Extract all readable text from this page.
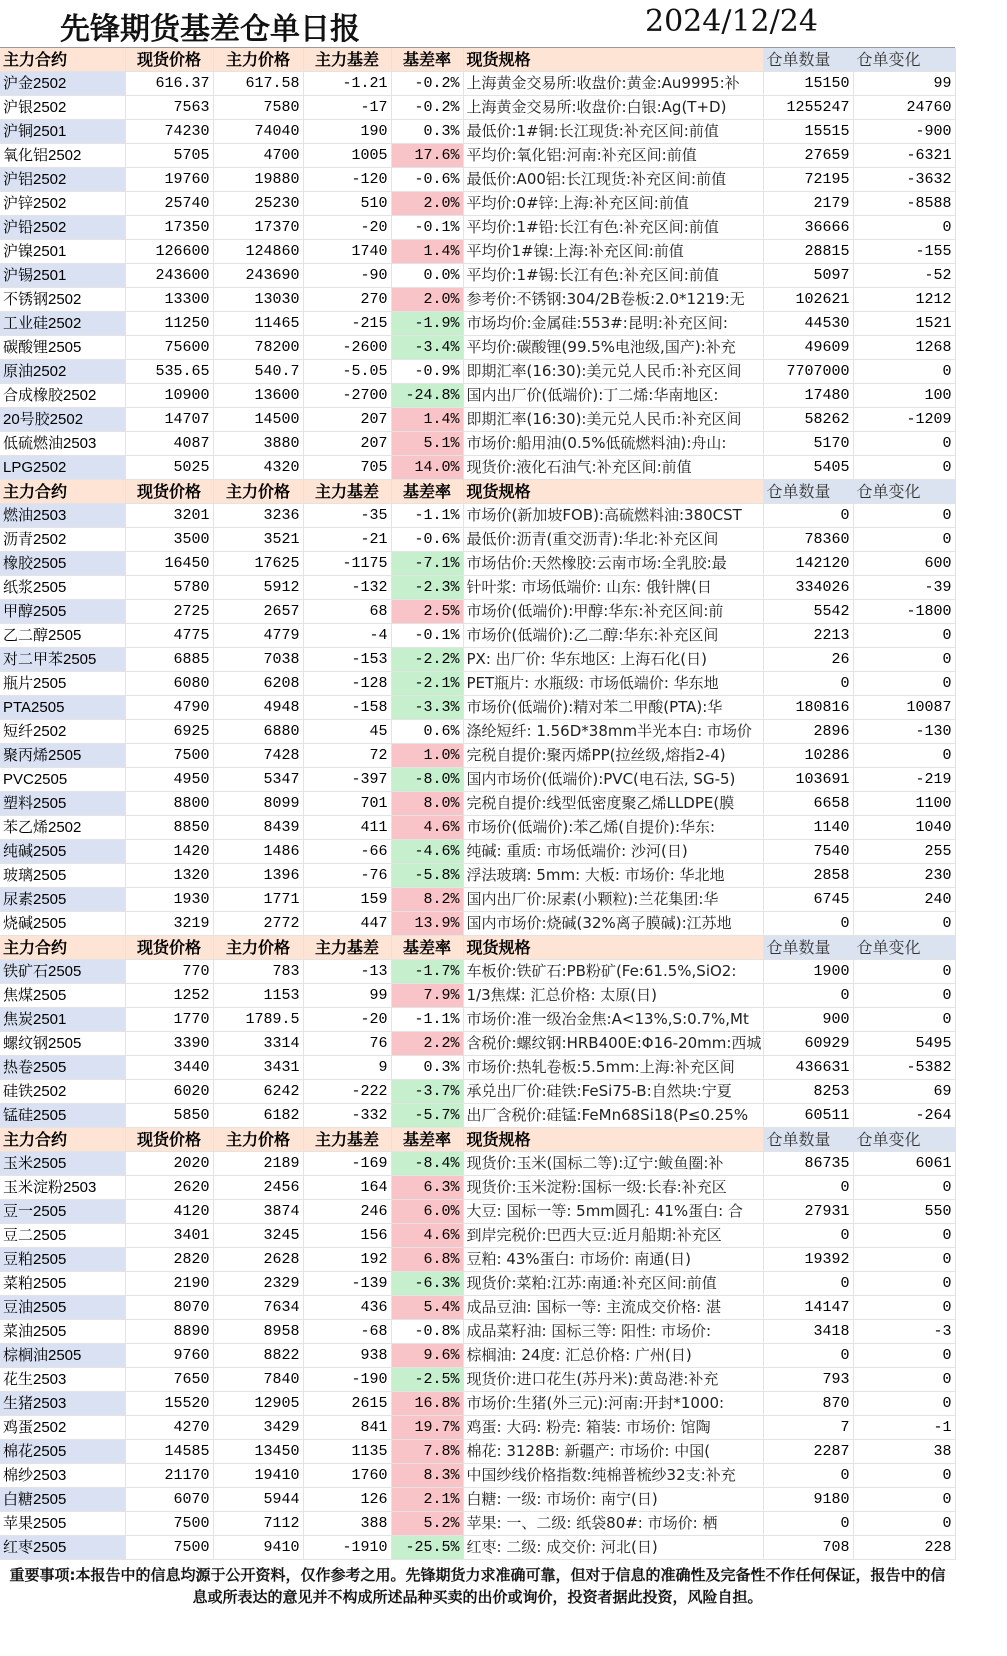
先锋期货基差仓单日报	2024/12/24
主力合约	现货价格	主力价格	主力基差	基差率	现货规格	仓单数量	仓单变化
沪金2502	616.37	617.58	-1.21	-0.2%	上海黄金交易所:收盘价:黄金:Au9995:补	15150	99
沪银2502	7563	7580	-17	-0.2%	上海黄金交易所:收盘价:白银:Ag(T+D)	1255247	24760
沪铜2501	74230	74040	190	0.3%	最低价:1#铜:长江现货:补充区间:前值	15515	-900
氧化铝2502	5705	4700	1005	17.6%	平均价:氧化铝:河南:补充区间:前值	27659	-6321
沪铝2502	19760	19880	-120	-0.6%	最低价:A00铝:长江现货:补充区间:前值	72195	-3632
沪锌2502	25740	25230	510	2.0%	平均价:0#锌:上海:补充区间:前值	2179	-8588
沪铅2502	17350	17370	-20	-0.1%	平均价:1#铅:长江有色:补充区间:前值	36666	0
沪镍2501	126600	124860	1740	1.4%	平均价1#镍:上海:补充区间:前值	28815	-155
沪锡2501	243600	243690	-90	0.0%	平均价:1#锡:长江有色:补充区间:前值	5097	-52
不锈钢2502	13300	13030	270	2.0%	参考价:不锈钢:304/2B卷板:2.0*1219:无	102621	1212
工业硅2502	11250	11465	-215	-1.9%	市场均价:金属硅:553#:昆明:补充区间:	44530	1521
碳酸锂2505	75600	78200	-2600	-3.4%	平均价:碳酸锂(99.5%电池级,国产):补充	49609	1268
原油2502	535.65	540.7	-5.05	-0.9%	即期汇率(16:30):美元兑人民币:补充区间	7707000	0
合成橡胶2502	10900	13600	-2700	-24.8%	国内出厂价(低端价):丁二烯:华南地区:	17480	100
20号胶2502	14707	14500	207	1.4%	即期汇率(16:30):美元兑人民币:补充区间	58262	-1209
低硫燃油2503	4087	3880	207	5.1%	市场价:船用油(0.5%低硫燃料油):舟山:	5170	0
LPG2502	5025	4320	705	14.0%	现货价:液化石油气:补充区间:前值	5405	0
主力合约	现货价格	主力价格	主力基差	基差率	现货规格	仓单数量	仓单变化
燃油2503	3201	3236	-35	-1.1%	市场价(新加坡FOB):高硫燃料油:380CST	0	0
沥青2502	3500	3521	-21	-0.6%	最低价:沥青(重交沥青):华北:补充区间	78360	0
橡胶2505	16450	17625	-1175	-7.1%	市场估价:天然橡胶:云南市场:全乳胶:最	142120	600
纸浆2505	5780	5912	-132	-2.3%	针叶浆: 市场低端价: 山东: 俄针牌(日	334026	-39
甲醇2505	2725	2657	68	2.5%	市场价(低端价):甲醇:华东:补充区间:前	5542	-1800
乙二醇2505	4775	4779	-4	-0.1%	市场价(低端价):乙二醇:华东:补充区间	2213	0
对二甲苯2505	6885	7038	-153	-2.2%	PX: 出厂价: 华东地区: 上海石化(日)	26	0
瓶片2505	6080	6208	-128	-2.1%	PET瓶片: 水瓶级: 市场低端价: 华东地	0	0
PTA2505	4790	4948	-158	-3.3%	市场价(低端价):精对苯二甲酸(PTA):华	180816	10087
短纤2502	6925	6880	45	0.6%	涤纶短纤: 1.56D*38mm半光本白: 市场价	2896	-130
聚丙烯2505	7500	7428	72	1.0%	完税自提价:聚丙烯PP(拉丝级,熔指2-4)	10286	0
PVC2505	4950	5347	-397	-8.0%	国内市场价(低端价):PVC(电石法, SG-5)	103691	-219
塑料2505	8800	8099	701	8.0%	完税自提价:线型低密度聚乙烯LLDPE(膜	6658	1100
苯乙烯2502	8850	8439	411	4.6%	市场价(低端价):苯乙烯(自提价):华东:	1140	1040
纯碱2505	1420	1486	-66	-4.6%	纯碱: 重质: 市场低端价: 沙河(日)	7540	255
玻璃2505	1320	1396	-76	-5.8%	浮法玻璃: 5mm: 大板: 市场价: 华北地	2858	230
尿素2505	1930	1771	159	8.2%	国内出厂价:尿素(小颗粒):兰花集团:华	6745	240
烧碱2505	3219	2772	447	13.9%	国内市场价:烧碱(32%离子膜碱):江苏地	0	0
主力合约	现货价格	主力价格	主力基差	基差率	现货规格	仓单数量	仓单变化
铁矿石2505	770	783	-13	-1.7%	车板价:铁矿石:PB粉矿(Fe:61.5%,SiO2:	1900	0
焦煤2505	1252	1153	99	7.9%	1/3焦煤: 汇总价格: 太原(日)	0	0
焦炭2501	1770	1789.5	-20	-1.1%	市场价:准一级冶金焦:A<13%,S:0.7%,Mt	900	0
螺纹钢2505	3390	3314	76	2.2%	含税价:螺纹钢:HRB400E:Φ16-20mm:西城	60929	5495
热卷2505	3440	3431	9	0.3%	市场价:热轧卷板:5.5mm:上海:补充区间	436631	-5382
硅铁2502	6020	6242	-222	-3.7%	承兑出厂价:硅铁:FeSi75-B:自然块:宁夏	8253	69
锰硅2505	5850	6182	-332	-5.7%	出厂含税价:硅锰:FeMn68Si18(P≤0.25%	60511	-264
主力合约	现货价格	主力价格	主力基差	基差率	现货规格	仓单数量	仓单变化
玉米2505	2020	2189	-169	-8.4%	现货价:玉米(国标二等):辽宁:鲅鱼圈:补	86735	6061
玉米淀粉2503	2620	2456	164	6.3%	现货价:玉米淀粉:国标一级:长春:补充区	0	0
豆一2505	4120	3874	246	6.0%	大豆: 国标一等: 5mm圆孔: 41%蛋白: 合	27931	550
豆二2505	3401	3245	156	4.6%	到岸完税价:巴西大豆:近月船期:补充区	0	0
豆粕2505	2820	2628	192	6.8%	豆粕: 43%蛋白: 市场价: 南通(日)	19392	0
菜粕2505	2190	2329	-139	-6.3%	现货价:菜粕:江苏:南通:补充区间:前值	0	0
豆油2505	8070	7634	436	5.4%	成品豆油: 国标一等: 主流成交价格: 湛	14147	0
菜油2505	8890	8958	-68	-0.8%	成品菜籽油: 国标三等: 阳性: 市场价:	3418	-3
棕榈油2505	9760	8822	938	9.6%	棕榈油: 24度: 汇总价格: 广州(日)	0	0
花生2503	7650	7840	-190	-2.5%	现货价:进口花生(苏丹米):黄岛港:补充	793	0
生猪2503	15520	12905	2615	16.8%	市场价:生猪(外三元):河南:开封*1000:	870	0
鸡蛋2502	4270	3429	841	19.7%	鸡蛋: 大码: 粉壳: 箱装: 市场价: 馆陶	7	-1
棉花2505	14585	13450	1135	7.8%	棉花: 3128B: 新疆产: 市场价: 中国(	2287	38
棉纱2503	21170	19410	1760	8.3%	中国纱线价格指数:纯棉普梳纱32支:补充	0	0
白糖2505	6070	5944	126	2.1%	白糖: 一级: 市场价: 南宁(日)	9180	0
苹果2505	7500	7112	388	5.2%	苹果: 一、二级: 纸袋80#: 市场价: 栖	0	0
红枣2505	7500	9410	-1910	-25.5%	红枣: 二级: 成交价: 河北(日)	708	228
重要事项:本报告中的信息均源于公开资料，仅作参考之用。先锋期货力求准确可靠，但对于信息的准确性及完备性不作任何保证，报告中的信息或所表达的意见并不构成所述品种买卖的出价或询价，投资者据此投资，风险自担。
